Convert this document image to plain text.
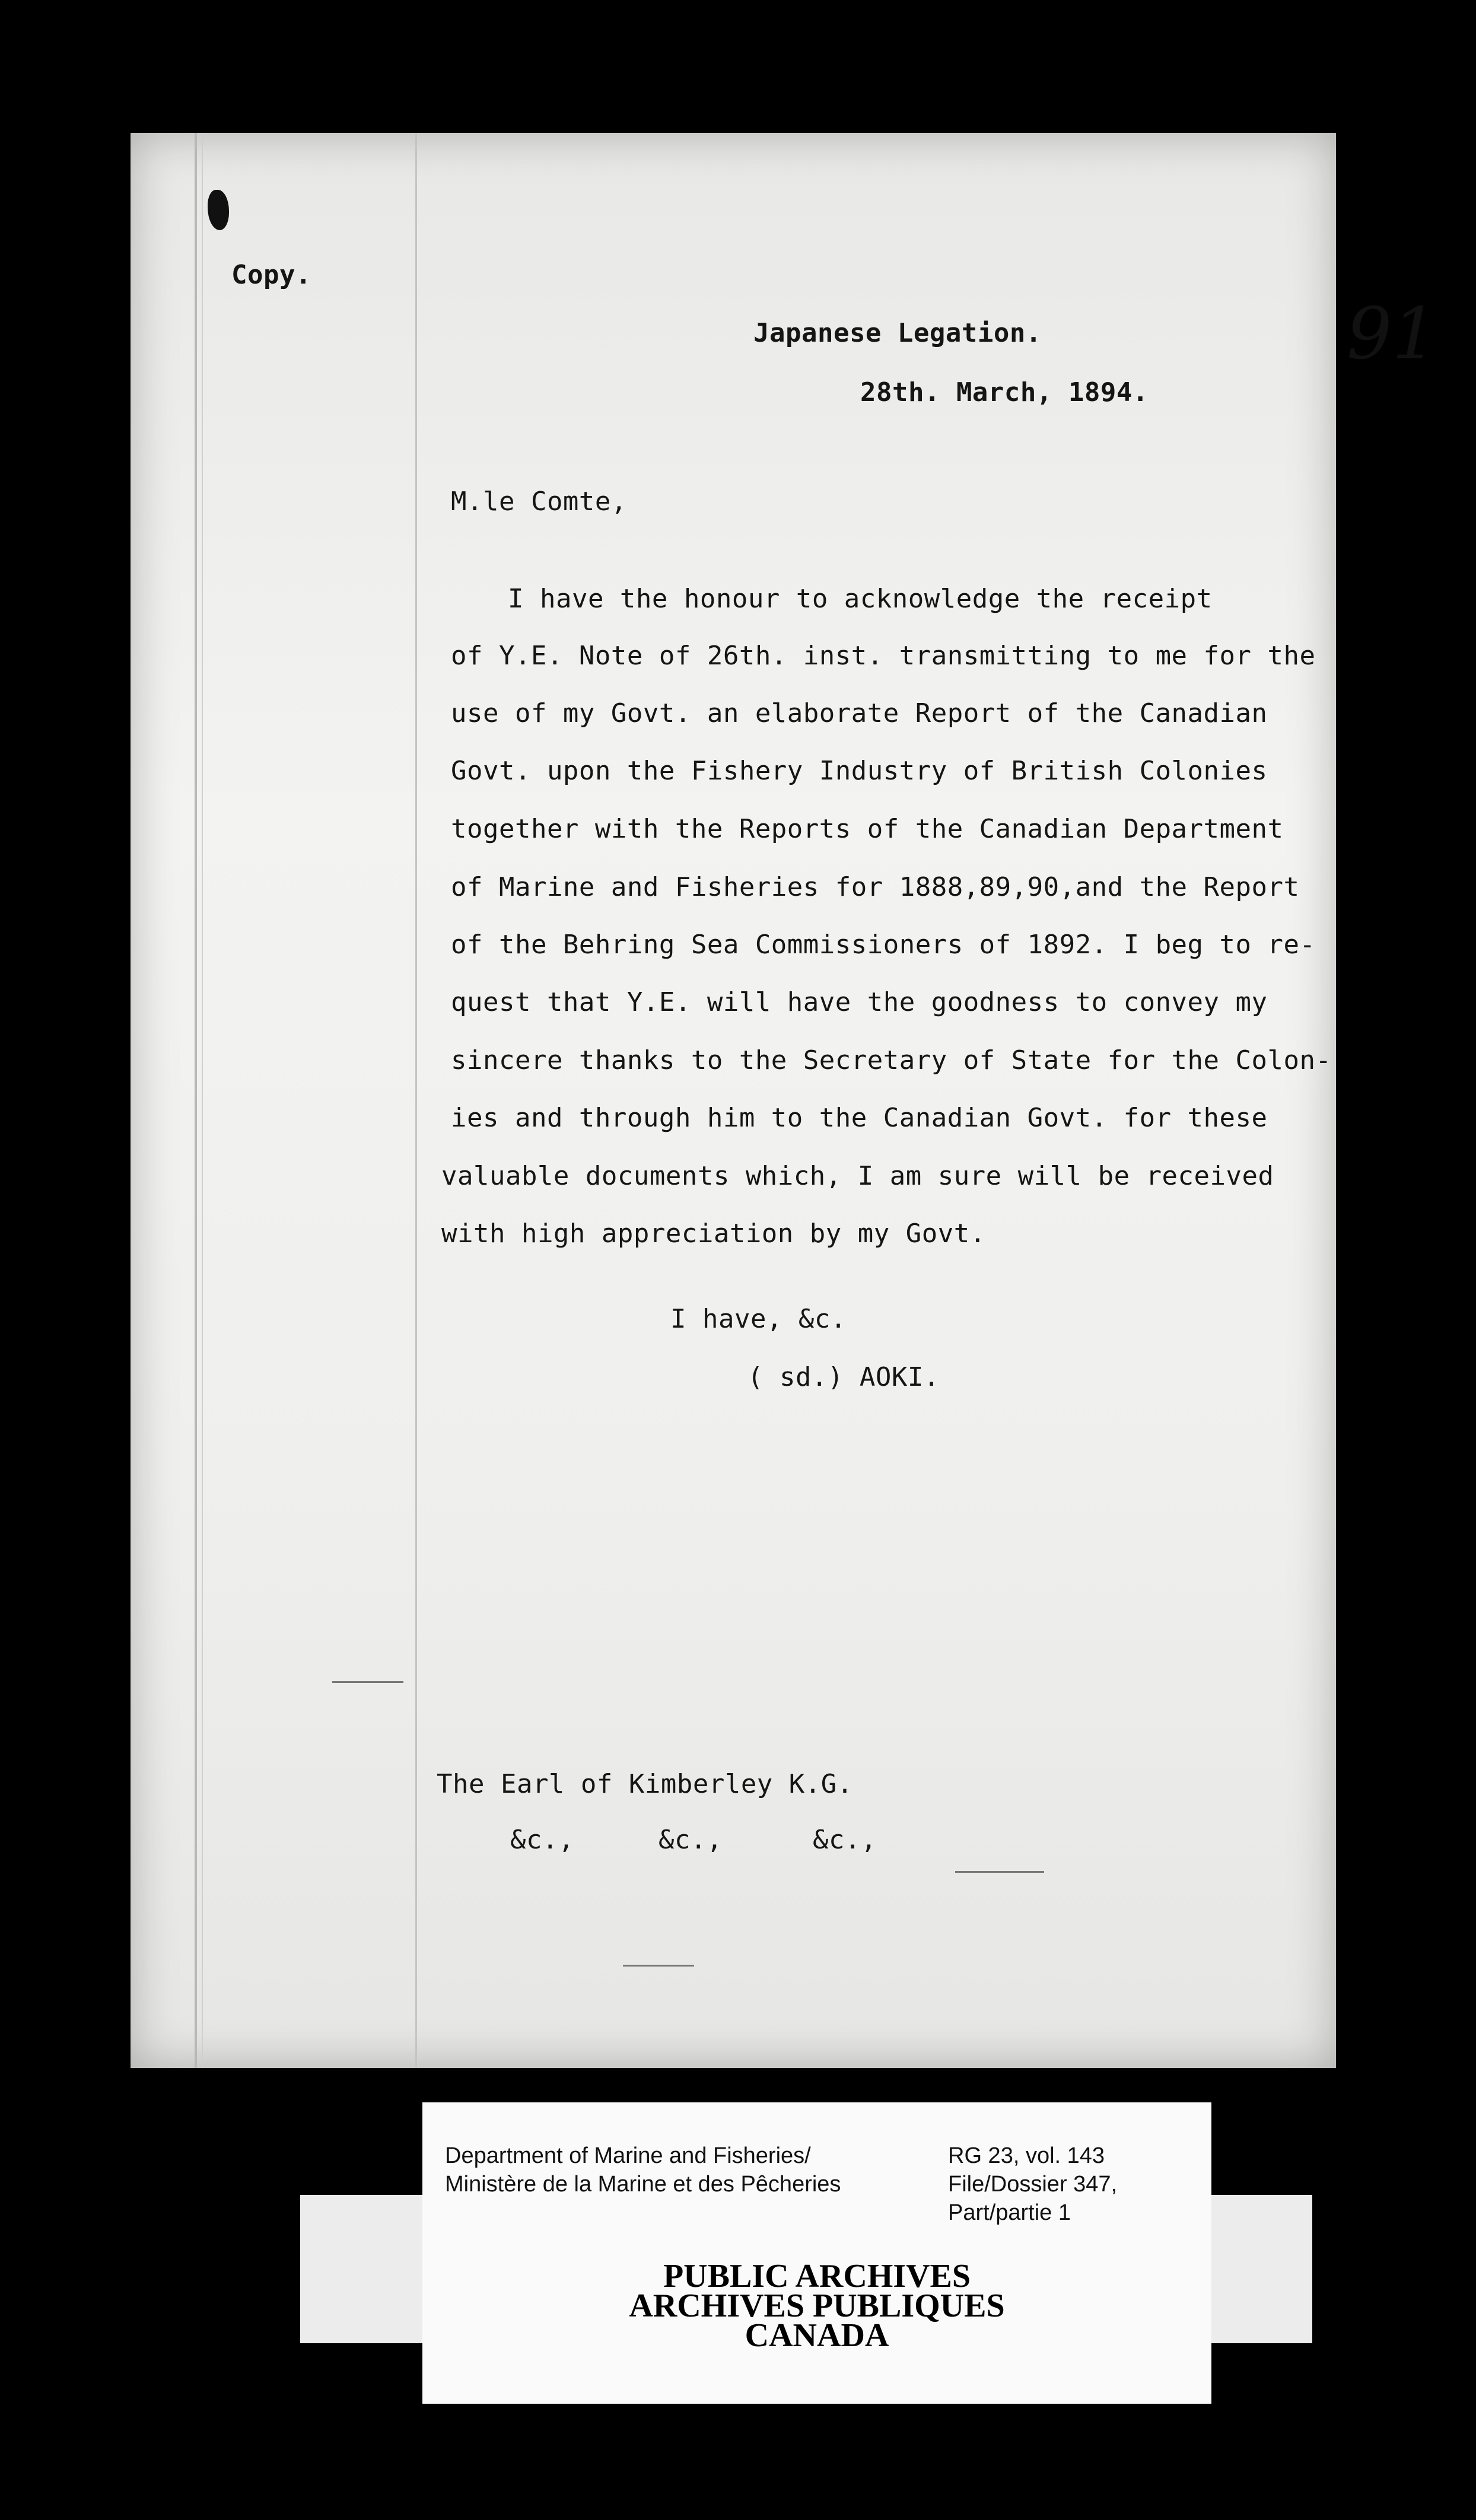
Copy.
91
Japanese Legation.
28th. March, 1894.
M.le Comte,
I have the honour to acknowledge the receipt
of Y.E. Note of 26th. inst. transmitting to me for the
use of my Govt. an elaborate Report of the Canadian
Govt. upon the Fishery Industry of British Colonies
together with the Reports of the Canadian Department
of Marine and Fisheries for 1888,89,90,and the Report
of the Behring Sea Commissioners of 1892. I beg to re-
quest that Y.E. will have the goodness to convey my
sincere thanks to the Secretary of State for the Colon-
ies and through him to the Canadian Govt. for these
valuable documents which, I am sure will be received
with high appreciation by my Govt.
I have, &c.
( sd.) AOKI.
The Earl of Kimberley K.G.
&c.,	&c.,	&c.,
Department of Marine and Fisheries/
Ministère de la Marine et des Pêcheries
RG 23, vol. 143
File/Dossier 347,
Part/partie 1
PUBLIC ARCHIVES
ARCHIVES PUBLIQUES
CANADA
